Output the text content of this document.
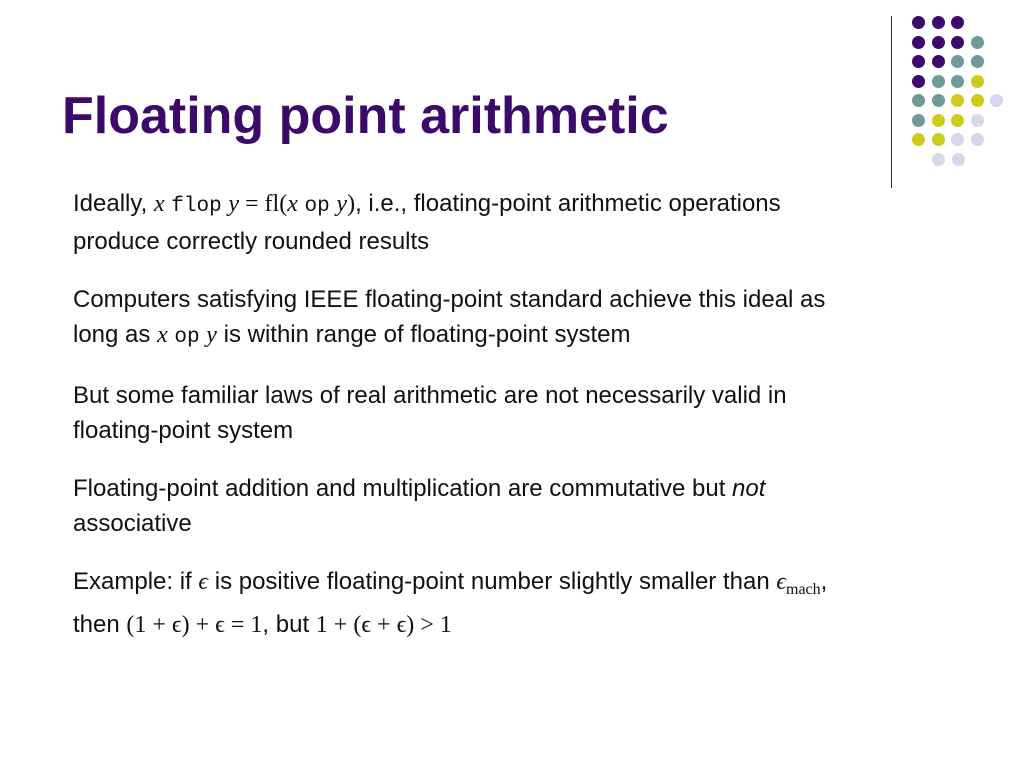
Floating point arithmetic

Ideally, x flop y = fl(x op y), i.e., floating-point arithmetic operations produce correctly rounded results

Computers satisfying IEEE floating-point standard achieve this ideal as long as x op y is within range of floating-point system

But some familiar laws of real arithmetic are not necessarily valid in floating-point system

Floating-point addition and multiplication are commutative but not associative

Example: if ϵ is positive floating-point number slightly smaller than $\epsilon_{mach}$, then (1 + ϵ) + ϵ = 1, but 1 + (ϵ + ϵ) > 1
